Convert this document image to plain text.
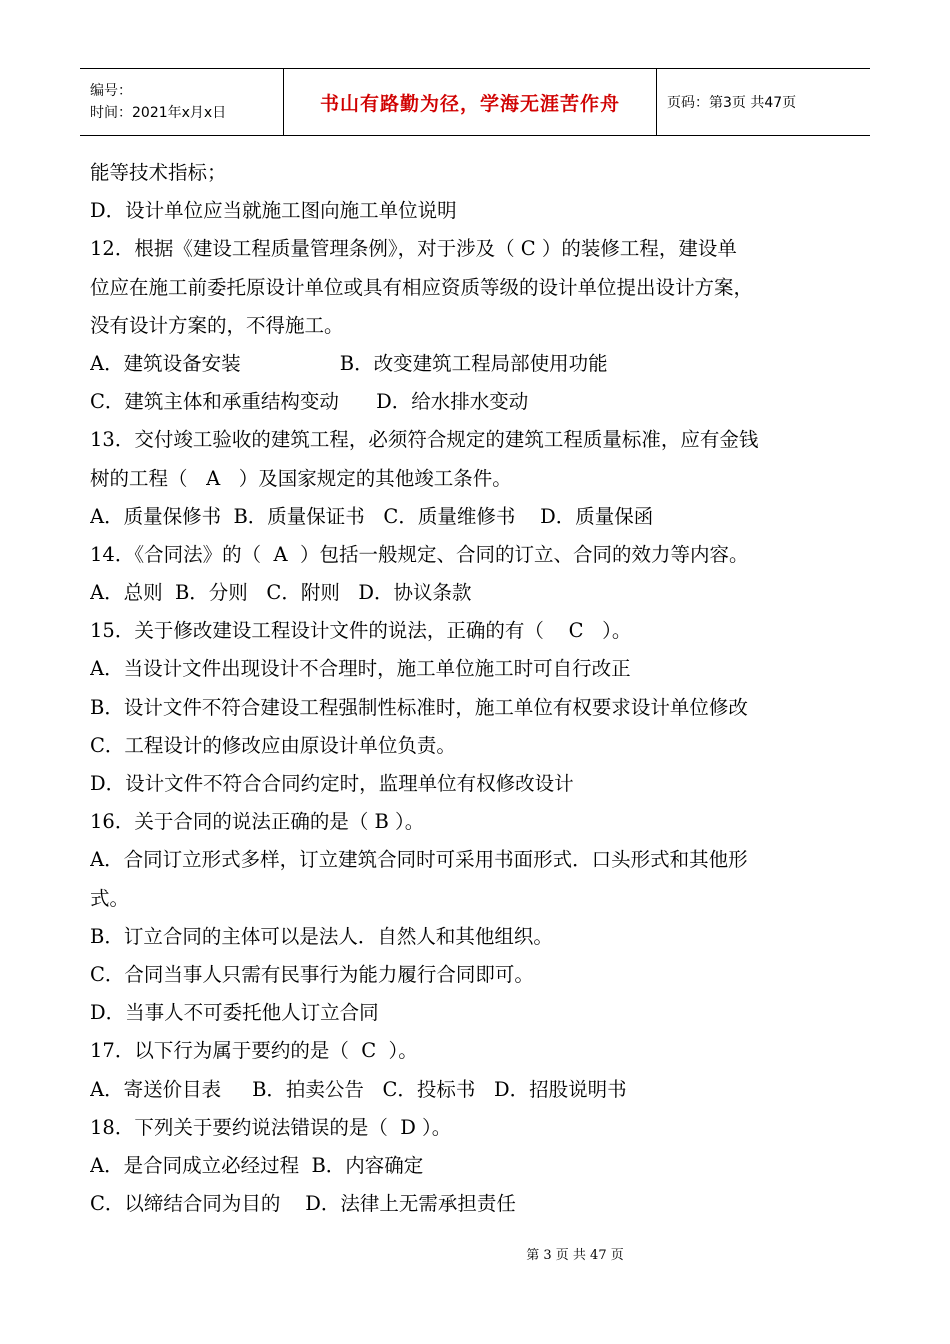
编号：
时间：2021年x月x日	书山有路勤为径，学海无涯苦作舟	页码：第3页 共47页
能等技术指标；
D．设计单位应当就施工图向施工单位说明
12．根据《建设工程质量管理条例》，对于涉及（ C ）的装修工程，建设单
位应在施工前委托原设计单位或具有相应资质等级的设计单位提出设计方案，
没有设计方案的，不得施工。
A．建筑设备安装                B．改变建筑工程局部使用功能
C．建筑主体和承重结构变动      D．给水排水变动
13．交付竣工验收的建筑工程，必须符合规定的建筑工程质量标准，应有金钱
树的工程（   A   ）及国家规定的其他竣工条件。
A．质量保修书  B．质量保证书   C．质量维修书    D．质量保函
14．《合同法》的（  A  ）包括一般规定、合同的订立、合同的效力等内容。
A．总则  B．分则   C．附则   D．协议条款
15．关于修改建设工程设计文件的说法，正确的有（    C   ）。
A．当设计文件出现设计不合理时，施工单位施工时可自行改正
B．设计文件不符合建设工程强制性标准时，施工单位有权要求设计单位修改
C．工程设计的修改应由原设计单位负责。
D．设计文件不符合合同约定时，监理单位有权修改设计
16．关于合同的说法正确的是（ B ）。
A．合同订立形式多样，订立建筑合同时可采用书面形式．口头形式和其他形
式。
B．订立合同的主体可以是法人．自然人和其他组织。
C．合同当事人只需有民事行为能力履行合同即可。
D．当事人不可委托他人订立合同
17．以下行为属于要约的是（  C  ）。
A．寄送价目表     B．拍卖公告   C．投标书   D．招股说明书
18．下列关于要约说法错误的是（  D ）。
A．是合同成立必经过程  B．内容确定
C．以缔结合同为目的    D．法律上无需承担责任
第 3 页 共 47 页
